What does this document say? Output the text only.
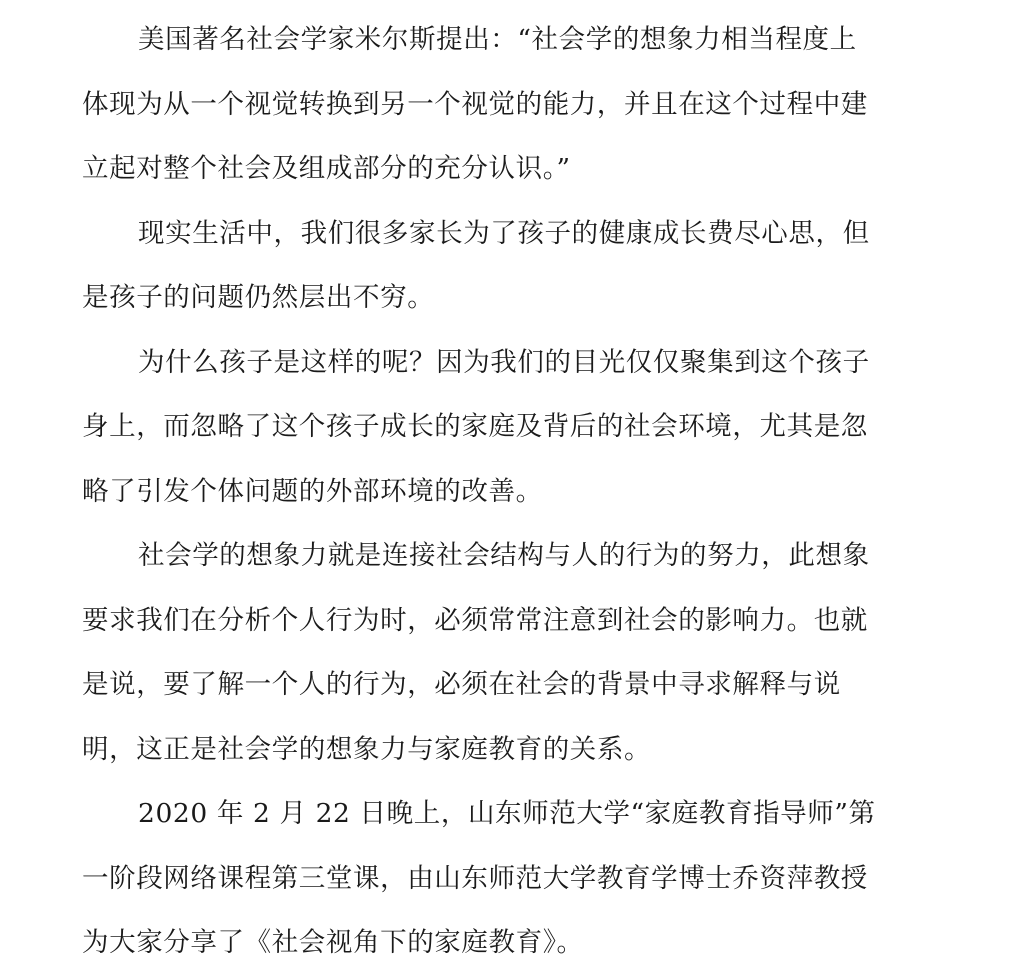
美国著名社会学家米尔斯提出：“社会学的想象力相当程度上
体现为从一个视觉转换到另一个视觉的能力，并且在这个过程中建
立起对整个社会及组成部分的充分认识。”

现实生活中，我们很多家长为了孩子的健康成长费尽心思，但
是孩子的问题仍然层出不穷。

为什么孩子是这样的呢？因为我们的目光仅仅聚集到这个孩子
身上，而忽略了这个孩子成长的家庭及背后的社会环境，尤其是忽
略了引发个体问题的外部环境的改善。

社会学的想象力就是连接社会结构与人的行为的努力，此想象
要求我们在分析个人行为时，必须常常注意到社会的影响力。也就
是说，要了解一个人的行为，必须在社会的背景中寻求解释与说
明，这正是社会学的想象力与家庭教育的关系。

2020 年 2 月 22 日晚上，山东师范大学“家庭教育指导师”第
一阶段网络课程第三堂课，由山东师范大学教育学博士乔资萍教授
为大家分享了《社会视角下的家庭教育》。
